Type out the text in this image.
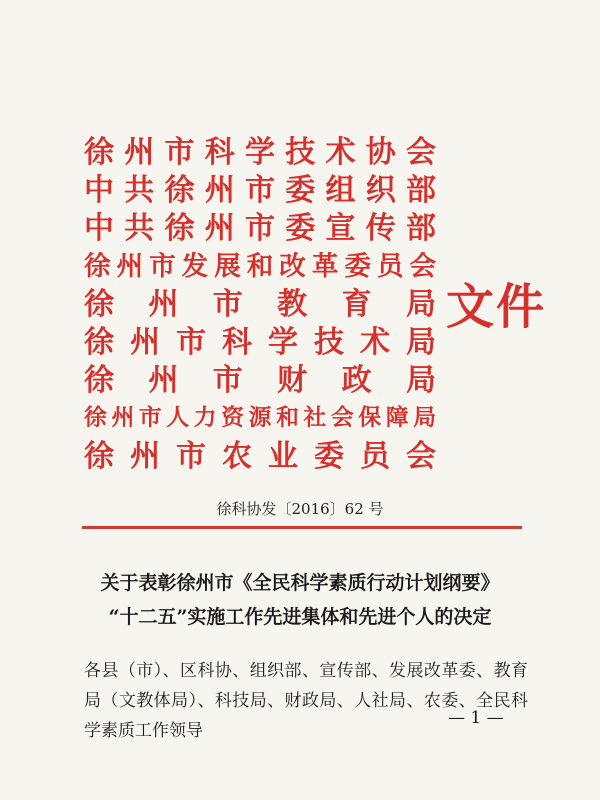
徐 州 市 科 学 技 术 协 会
中 共 徐 州 市 委 组 织 部
中 共 徐 州 市 委 宣 传 部
徐 州 市 发 展 和 改 革 委 员 会
徐 州 市 教 育 局
徐 州 市 科 学 技 术 局
徐 州 市 财 政 局
徐 州 市 人 力 资 源 和 社 会 保 障 局
徐 州 市 农 业 委 员 会
文件
徐科协发〔2016〕62 号
关于表彰徐州市《全民科学素质行动计划纲要》
“十二五”实施工作先进集体和先进个人的决定
各县（市）、区科协、组织部、宣传部、发展改革委、教育局（文教体局）、科技局、财政局、人社局、农委、全民科学素质工作领导
— 1 —
